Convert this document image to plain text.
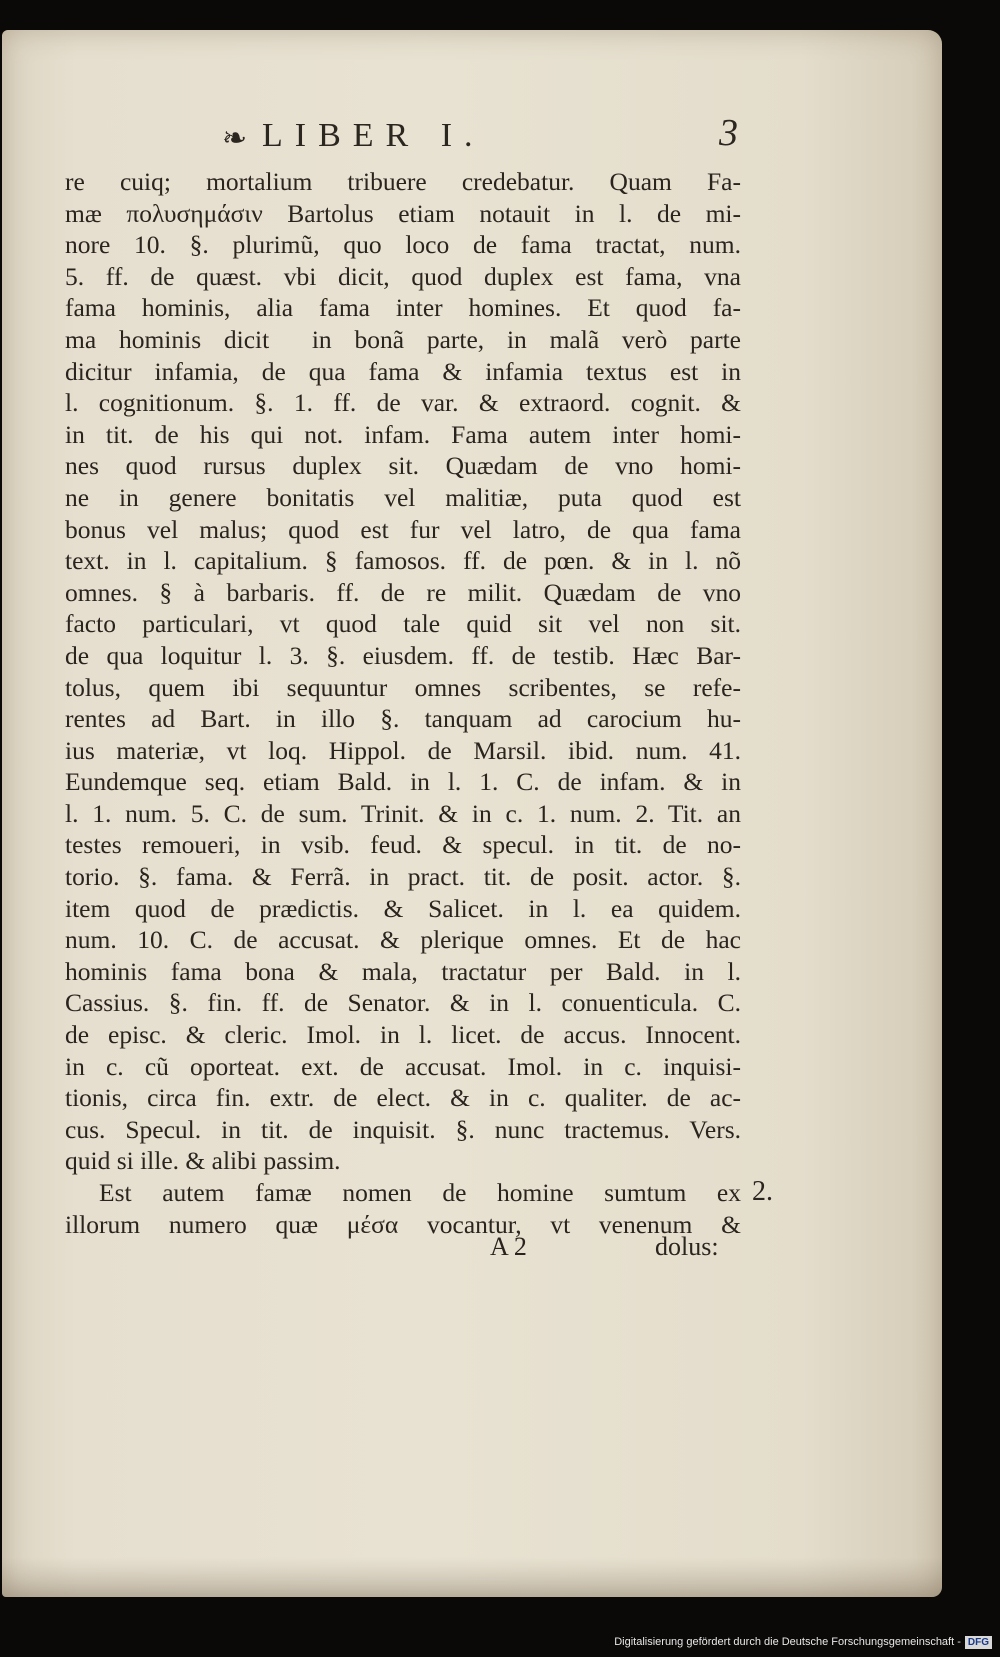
❧ LIBER I.	3
re cuiq; mortalium tribuere credebatur. Quam Fa-
mæ πολυσημάσιν Bartolus etiam notauit in l. de mi-
nore 10. §. plurimũ, quo loco de fama tractat, num.
5. ff. de quæst. vbi dicit, quod duplex est fama, vna
fama hominis, alia fama inter homines. Et quod fa-
ma hominis dicit᷑ in bonã parte, in malã verò parte
dicitur infamia, de qua fama & infamia textus est in
l. cognitionum. §. 1. ff. de var. & extraord. cognit. &
in tit. de his qui not. infam. Fama autem inter homi-
nes quod rursus duplex sit. Quædam de vno homi-
ne in genere bonitatis vel malitiæ, puta quod est
bonus vel malus; quod est fur vel latro, de qua fama
text. in l. capitalium. § famosos. ff. de pœn. & in l. nõ
omnes. § à barbaris. ff. de re milit. Quædam de vno
facto particulari, vt quod tale quid sit vel non sit.
de qua loquitur l. 3. §. eiusdem. ff. de testib. Hæc Bar-
tolus, quem ibi sequuntur omnes scribentes, se refe-
rentes ad Bart. in illo §. tanquam ad carocium hu-
ius materiæ, vt loq. Hippol. de Marsil. ibid. num. 41.
Eundemque seq. etiam Bald. in l. 1. C. de infam. & in
l. 1. num. 5. C. de sum. Trinit. & in c. 1. num. 2. Tit. an
testes remoueri, in vsib. feud. & specul. in tit. de no-
torio. §. fama. & Ferrã. in pract. tit. de posit. actor. §.
item quod de prædictis. & Salicet. in l. ea quidem.
num. 10. C. de accusat. & plerique omnes. Et de hac
hominis fama bona & mala, tractatur per Bald. in l.
Cassius. §. fin. ff. de Senator. & in l. conuenticula. C.
de episc. & cleric. Imol. in l. licet. de accus. Innocent.
in c. cũ oporteat. ext. de accusat. Imol. in c. inquisi-
tionis, circa fin. extr. de elect. & in c. qualiter. de ac-
cus. Specul. in tit. de inquisit. §. nunc tractemus. Vers.
quid si ille. & alibi passim.
Est autem famæ nomen de homine sumtum ex
illorum numero quæ μέσα vocantur, vt venenum &
2.
A 2	dolus:
Digitalisierung gefördert durch die Deutsche Forschungsgemeinschaft - DFG
